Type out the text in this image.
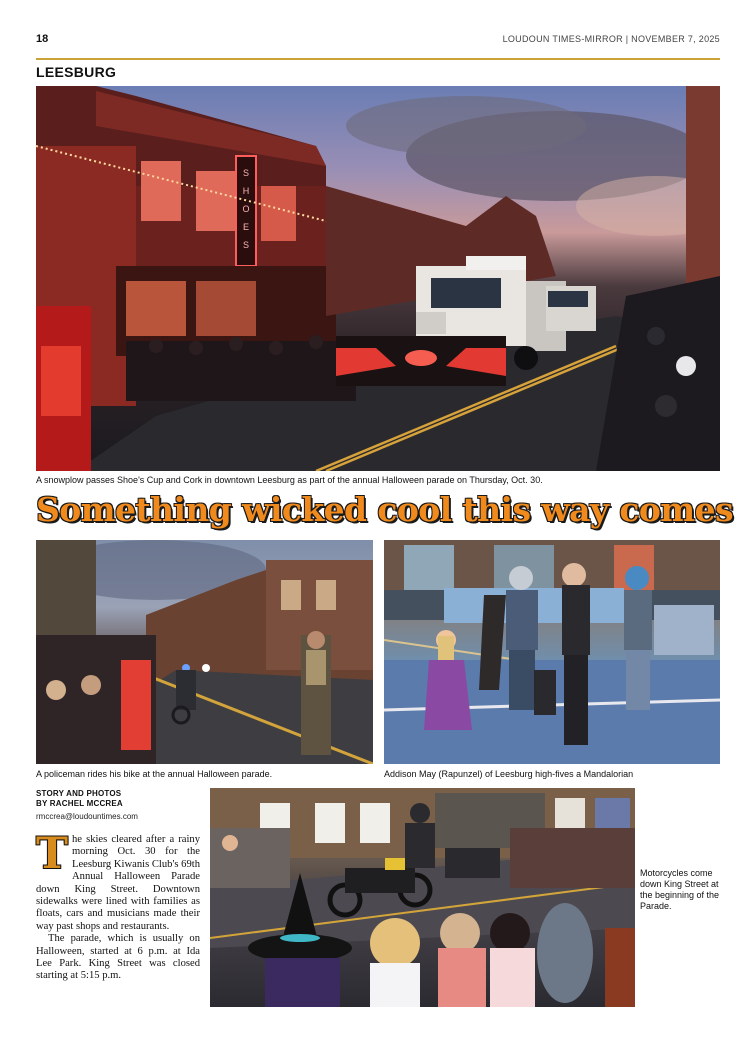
18	LOUDOUN TIMES-MIRROR | NOVEMBER 7, 2025
LEESBURG
S
H
O
E
S
A snowplow passes Shoe's Cup and Cork in downtown Leesburg as part of the annual Halloween parade on Thursday, Oct. 30.
Something wicked cool this way comes
A policeman rides his bike at the annual Halloween parade.	Addison May (Rapunzel) of Leesburg high-fives a Mandalorian
STORY AND PHOTOS
BY RACHEL MCCREA
rmccrea@loudountimes.com

The skies cleared after a rainy morning Oct. 30 for the Leesburg Kiwanis Club's 69th Annual Halloween Parade down King Street. Downtown sidewalks were lined with families as floats, cars and musicians made their way past shops and restaurants.

The parade, which is usually on Halloween, started at 6 p.m. at Ida Lee Park. King Street was closed starting at 5:15 p.m.

Motorcycles come down King Street at the beginning of the Parade.
